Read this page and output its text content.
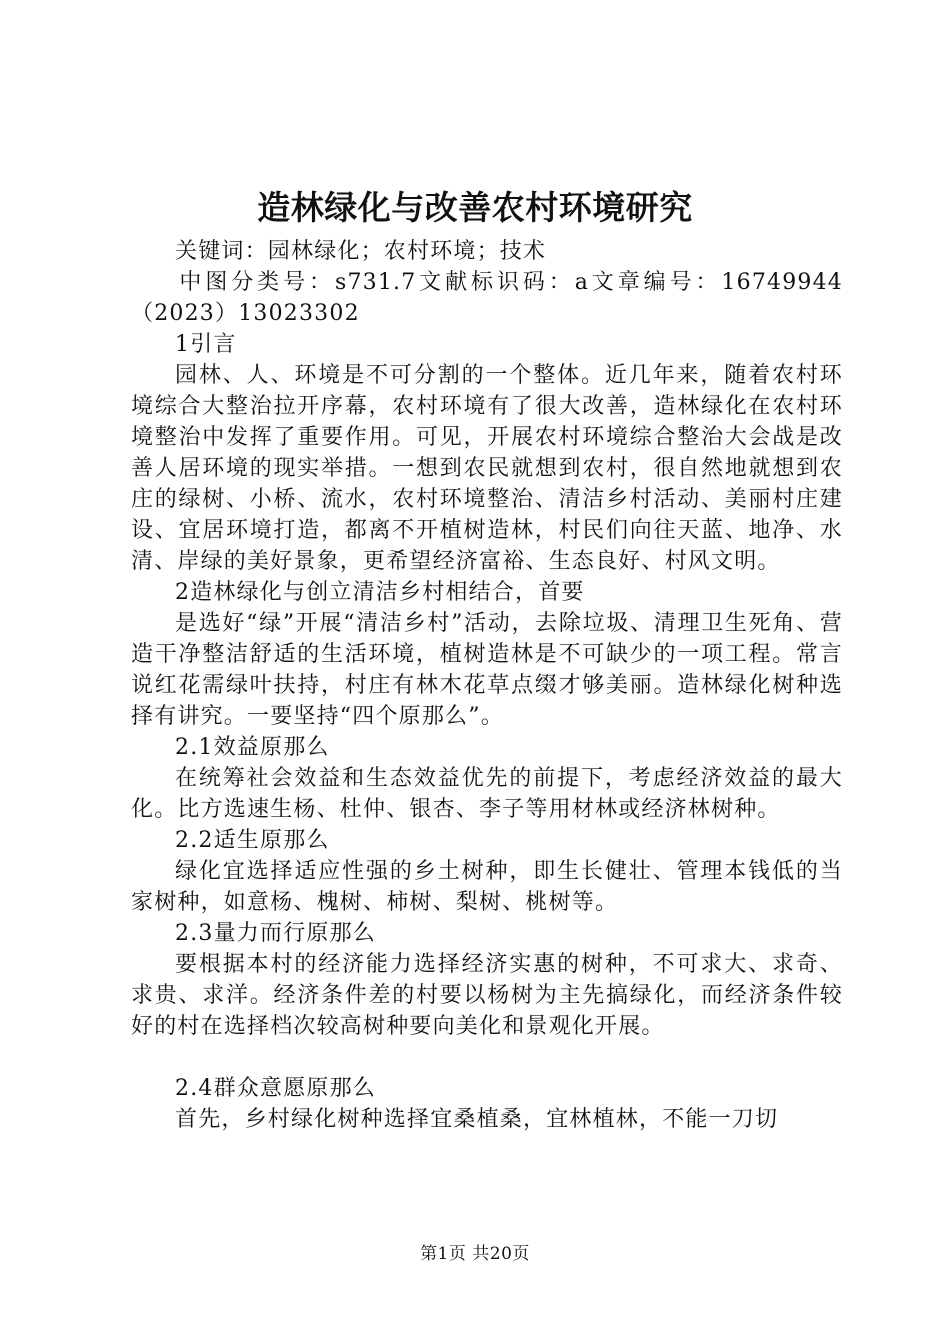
造林绿化与改善农村环境研究

关键词：园林绿化；农村环境；技术

中图分类号：s731.7文献标识码：a文章编号：16749944（2023）13023302

1引言

园林、人、环境是不可分割的一个整体。近几年来，随着农村环境综合大整治拉开序幕，农村环境有了很大改善，造林绿化在农村环境整治中发挥了重要作用。可见，开展农村环境综合整治大会战是改善人居环境的现实举措。一想到农民就想到农村，很自然地就想到农庄的绿树、小桥、流水，农村环境整治、清洁乡村活动、美丽村庄建设、宜居环境打造，都离不开植树造林，村民们向往天蓝、地净、水清、岸绿的美好景象，更希望经济富裕、生态良好、村风文明。

2造林绿化与创立清洁乡村相结合，首要

是选好“绿”开展“清洁乡村”活动，去除垃圾、清理卫生死角、营造干净整洁舒适的生活环境，植树造林是不可缺少的一项工程。常言说红花需绿叶扶持，村庄有林木花草点缀才够美丽。造林绿化树种选择有讲究。一要坚持“四个原那么”。

2.1效益原那么

在统筹社会效益和生态效益优先的前提下，考虑经济效益的最大化。比方选速生杨、杜仲、银杏、李子等用材林或经济林树种。

2.2适生原那么

绿化宜选择适应性强的乡土树种，即生长健壮、管理本钱低的当家树种，如意杨、槐树、柿树、梨树、桃树等。

2.3量力而行原那么

要根据本村的经济能力选择经济实惠的树种，不可求大、求奇、求贵、求洋。经济条件差的村要以杨树为主先搞绿化，而经济条件较好的村在选择档次较高树种要向美化和景观化开展。

2.4群众意愿原那么

首先，乡村绿化树种选择宜桑植桑，宜林植林，不能一刀切

第1页 共20页
